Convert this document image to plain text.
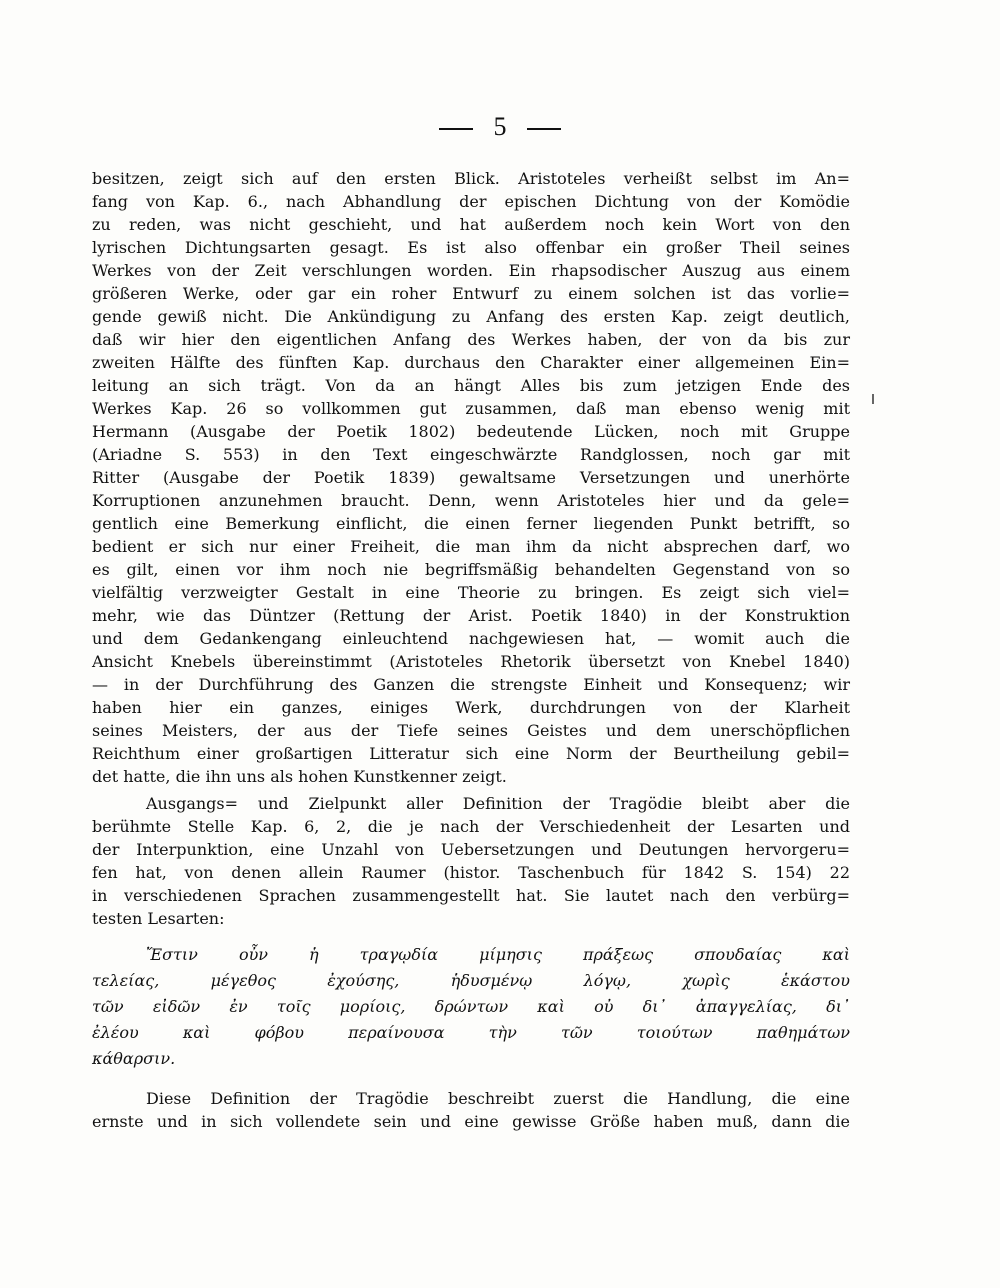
5
besitzen, zeigt sich auf den ersten Blick. Aristoteles verheißt selbst im An=
fang von Kap. 6., nach Abhandlung der epischen Dichtung von der Komödie
zu reden, was nicht geschieht, und hat außerdem noch kein Wort von den
lyrischen Dichtungsarten gesagt. Es ist also offenbar ein großer Theil seines
Werkes von der Zeit verschlungen worden. Ein rhapsodischer Auszug aus einem
größeren Werke, oder gar ein roher Entwurf zu einem solchen ist das vorlie=
gende gewiß nicht. Die Ankündigung zu Anfang des ersten Kap. zeigt deutlich,
daß wir hier den eigentlichen Anfang des Werkes haben, der von da bis zur
zweiten Hälfte des fünften Kap. durchaus den Charakter einer allgemeinen Ein=
leitung an sich trägt. Von da an hängt Alles bis zum jetzigen Ende des
Werkes Kap. 26 so vollkommen gut zusammen, daß man ebenso wenig mit
Hermann (Ausgabe der Poetik 1802) bedeutende Lücken, noch mit Gruppe
(Ariadne S. 553) in den Text eingeschwärzte Randglossen, noch gar mit
Ritter (Ausgabe der Poetik 1839) gewaltsame Versetzungen und unerhörte
Korruptionen anzunehmen braucht. Denn, wenn Aristoteles hier und da gele=
gentlich eine Bemerkung einflicht, die einen ferner liegenden Punkt betrifft, so
bedient er sich nur einer Freiheit, die man ihm da nicht absprechen darf, wo
es gilt, einen vor ihm noch nie begriffsmäßig behandelten Gegenstand von so
vielfältig verzweigter Gestalt in eine Theorie zu bringen. Es zeigt sich viel=
mehr, wie das Düntzer (Rettung der Arist. Poetik 1840) in der Konstruktion
und dem Gedankengang einleuchtend nachgewiesen hat, — womit auch die
Ansicht Knebels übereinstimmt (Aristoteles Rhetorik übersetzt von Knebel 1840)
— in der Durchführung des Ganzen die strengste Einheit und Konsequenz; wir
haben hier ein ganzes, einiges Werk, durchdrungen von der Klarheit
seines Meisters, der aus der Tiefe seines Geistes und dem unerschöpflichen
Reichthum einer großartigen Litteratur sich eine Norm der Beurtheilung gebil=
det hatte, die ihn uns als hohen Kunstkenner zeigt.
Ausgangs= und Zielpunkt aller Definition der Tragödie bleibt aber die
berühmte Stelle Kap. 6, 2, die je nach der Verschiedenheit der Lesarten und
der Interpunktion, eine Unzahl von Uebersetzungen und Deutungen hervorgeru=
fen hat, von denen allein Raumer (histor. Taschenbuch für 1842 S. 154) 22
in verschiedenen Sprachen zusammengestellt hat. Sie lautet nach den verbürg=
testen Lesarten:
Ἔστιν οὖν ἡ τραγῳδία μίμησις πράξεως σπουδαίας καὶ
τελείας, μέγεθος ἐχούσης, ἡδυσμένῳ λόγῳ, χωρὶς ἑκάστου
τῶν εἰδῶν ἐν τοῖς μορίοις, δρώντων καὶ οὐ δι᾽ ἀπαγγελίας, δι᾽
ἐλέου καὶ φόβου περαίνουσα τὴν τῶν τοιούτων παθημάτων
κάθαρσιν.
Diese Definition der Tragödie beschreibt zuerst die Handlung, die eine
ernste und in sich vollendete sein und eine gewisse Größe haben muß, dann die
